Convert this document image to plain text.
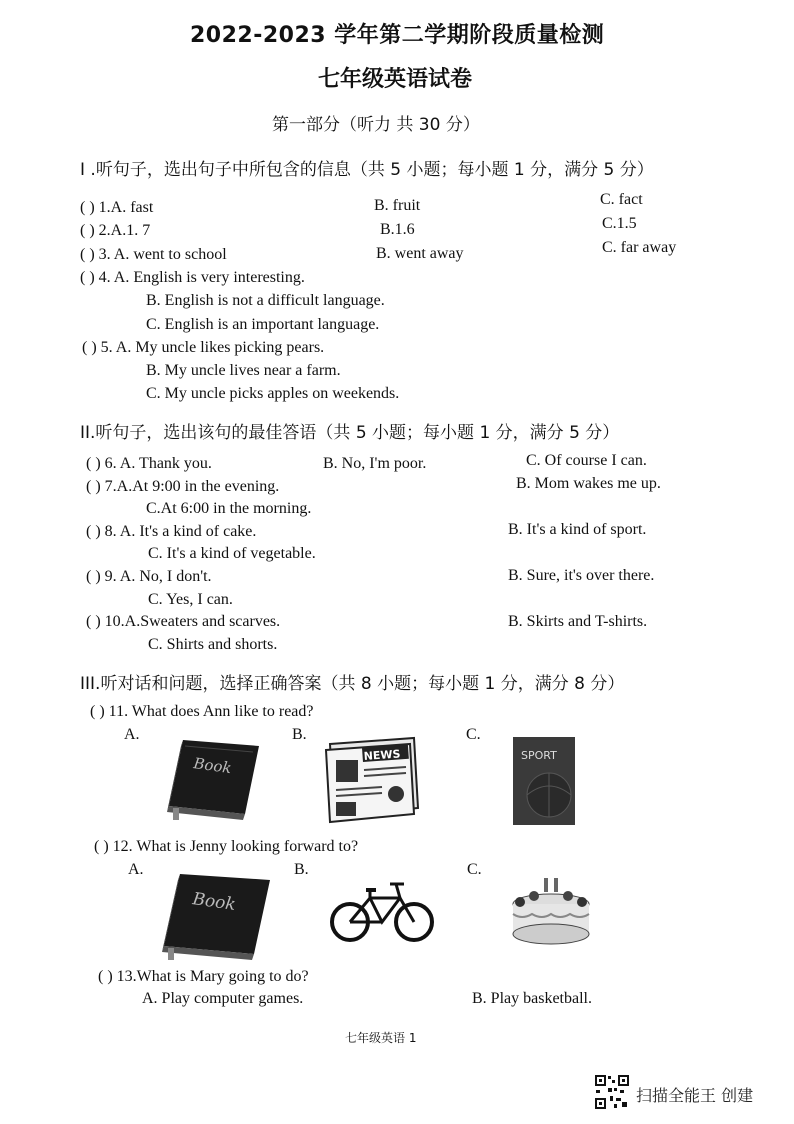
2022-2023 学年第二学期阶段质量检测
七年级英语试卷
第一部分（听力 共 30 分）
I .听句子，选出句子中所包含的信息（共 5 小题；每小题 1 分，满分 5 分）
( ) 1.A. fast	B. fruit	C. fact
( ) 2.A.1. 7	B.1.6	C.1.5
( ) 3. A. went to school	B. went away	C. far away
( ) 4. A. English is very interesting.
B. English is not a difficult language.
C. English is an important language.
( ) 5. A. My uncle likes picking pears.
B. My uncle lives near a farm.
C. My uncle picks apples on weekends.
II.听句子，选出该句的最佳答语（共 5 小题；每小题 1 分，满分 5 分）
( ) 6. A. Thank you.	B. No, I'm poor.	C. Of course I can.
( ) 7.A.At 9:00 in the evening.	B. Mom wakes me up.
C.At 6:00 in the morning.
( ) 8. A. It's a kind of cake.	B. It's a kind of sport.
C. It's a kind of vegetable.
( ) 9. A. No, I don't.	B. Sure, it's over there.
C. Yes, I can.
( ) 10.A.Sweaters and scarves.	B. Skirts and T-shirts.
C. Shirts and shorts.
III.听对话和问题，选择正确答案（共 8 小题；每小题 1 分，满分 8 分）
( ) 11. What does Ann like to read?
A.	B.	C.
Book	NEWS	SPORT
( ) 12. What is Jenny looking forward to?
A.	B.	C.
Book
( ) 13.What is Mary going to do?
A. Play computer games.	B. Play basketball.
七年级英语 1
扫描全能王 创建
